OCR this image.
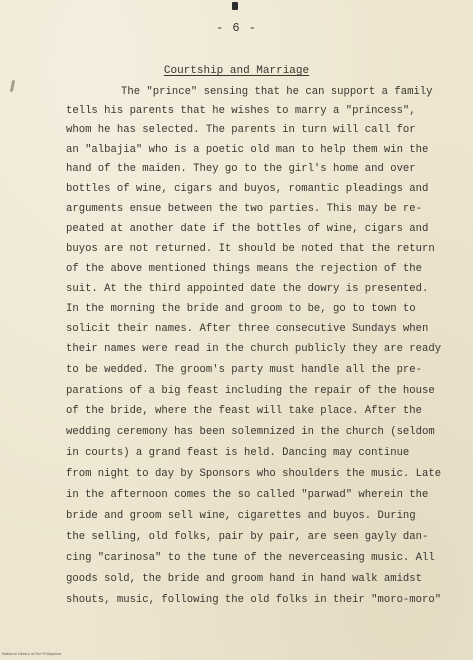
- 6 -
Courtship and Marriage
The "prince" sensing that he can support a family
tells his parents that he wishes to marry a "princess",
whom he has selected. The parents in turn will call for
an "albajia" who is a poetic old man to help them win the
hand of the maiden. They go to the girl's home and over
bottles of wine, cigars and buyos, romantic pleadings and
arguments ensue between the two parties. This may be re-
peated at another date if the bottles of wine, cigars and
buyos are not returned. It should be noted that the return
of the above mentioned things means the rejection of the
suit. At the third appointed date the dowry is presented.
In the morning the bride and groom to be, go to town to
solicit their names. After three consecutive Sundays when
their names were read in the church publicly they are ready
to be wedded. The groom's party must handle all the pre-
parations of a big feast including the repair of the house
of the bride, where the feast will take place. After the
wedding ceremony has been solemnized in the church (seldom
in courts) a grand feast is held. Dancing may continue
from night to day by Sponsors who shoulders the music. Late
in the afternoon comes the so called "parwad" wherein the
bride and groom sell wine, cigarettes and buyos. During
the selling, old folks, pair by pair, are seen gayly dan-
cing "carinosa" to the tune of the neverceasing music. All
goods sold, the bride and groom hand in hand walk amidst
shouts, music, following the old folks in their "moro-moro"
National Library of the Philippines
